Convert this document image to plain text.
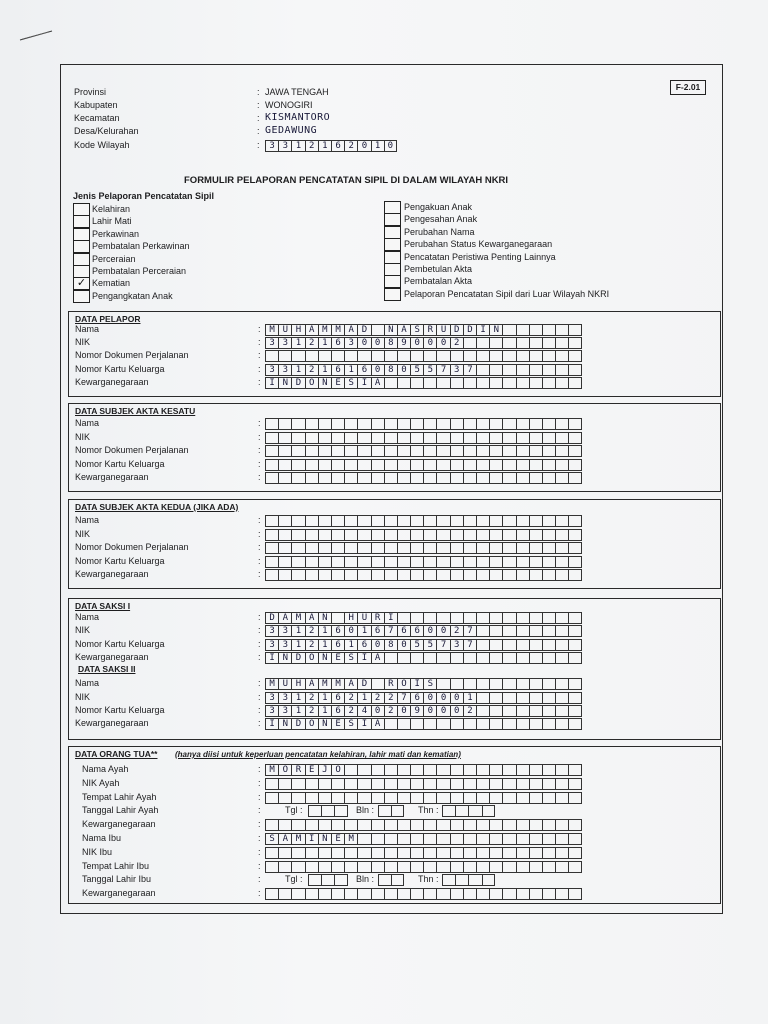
F-2.01
Provinsi	: JAWA TENGAH
Kabupaten	: WONOGIRI
Kecamatan	: KISMANTORO
Desa/Kelurahan	: GEDAWUNG
Kode Wilayah	:	3 3 1 2 1 6 2 0 1 0
FORMULIR PELAPORAN PENCATATAN SIPIL DI DALAM WILAYAH NKRI
Jenis Pelaporan Pencatatan Sipil
Kelahiran
Lahir Mati
Perkawinan
Pembatalan Perkawinan
Perceraian
Pembatalan Perceraian
✓ Kematian
Pengangkatan Anak
Pengakuan Anak
Pengesahan Anak
Perubahan Nama
Perubahan Status Kewarganegaraan
Pencatatan Peristiwa Penting Lainnya
Pembetulan Akta
Pembatalan Akta
Pelaporan Pencatatan Sipil dari Luar Wilayah NKRI
DATA PELAPOR
Nama	: M U H A M M A D	N A S R U D D I N
NIK	: 3 3 1 2 1 6 3 0 0 8 9 0 0 0 2
Nomor Dokumen Perjalanan	:
Nomor Kartu Keluarga	: 3 3 1 2 1 6 1 6 0 8 0 5 5 7 3 7
Kewarganegaraan	: I N D O N E S I A
DATA SUBJEK AKTA KESATU
Nama	:
NIK	:
Nomor Dokumen Perjalanan	:
Nomor Kartu Keluarga	:
Kewarganegaraan	:
DATA SUBJEK AKTA KEDUA (JIKA ADA)
Nama	:
NIK	:
Nomor Dokumen Perjalanan	:
Nomor Kartu Keluarga	:
Kewarganegaraan	:
DATA SAKSI I
Nama	: D A M A N	H U R I
NIK	: 3 3 1 2 1 6 0 1 6 7 6 6 0 0 2 7
Nomor Kartu Keluarga	: 3 3 1 2 1 6 1 6 0 8 0 5 5 7 3 7
Kewarganegaraan	: I N D O N E S I A
DATA SAKSI II
Nama	: M U H A M M A D	R O I S
NIK	: 3 3 1 2 1 6 2 1 2 2 7 6 0 0 0 1
Nomor Kartu Keluarga	: 3 3 1 2 1 6 2 4 0 2 0 9 0 0 0 2
Kewarganegaraan	: I N D O N E S I A
DATA ORANG TUA** (hanya diisi untuk keperluan pencatatan kelahiran, lahir mati dan kematian)
Nama Ayah	: M O R E J O
NIK Ayah	:
Tempat Lahir Ayah	:
Tanggal Lahir Ayah	:	Tgl :	Bln :	Thn :
Kewarganegaraan	:
Nama Ibu	: S A M I N E M
NIK Ibu	:
Tempat Lahir Ibu	:
Tanggal Lahir Ibu	:	Tgl :	Bln :	Thn :
Kewarganegaraan	:
